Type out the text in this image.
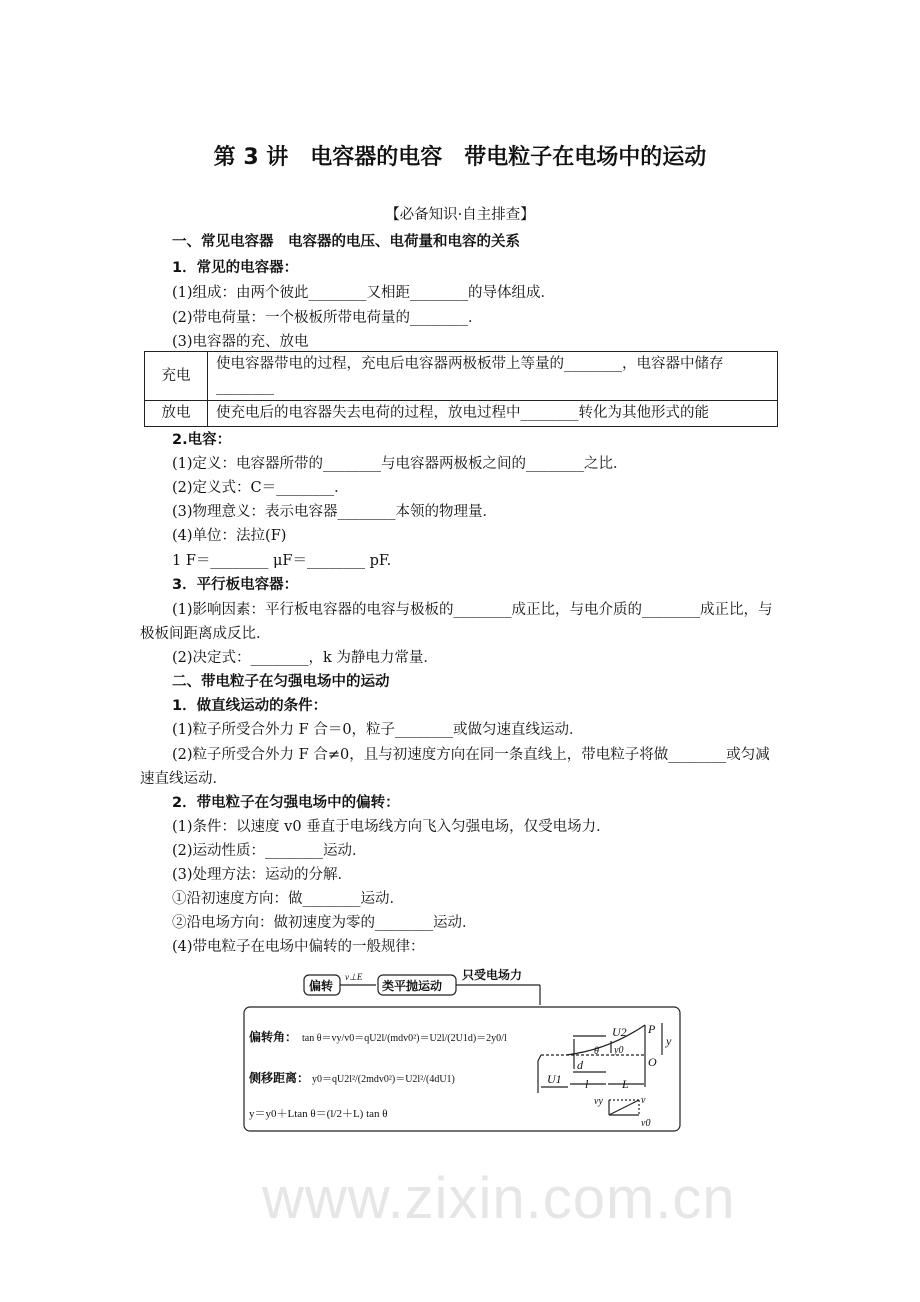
www.zixin.com.cn
第 3 讲　电容器的电容　带电粒子在电场中的运动
【必备知识·自主排查】
一、常见电容器　电容器的电压、电荷量和电容的关系
1．常见的电容器：
(1)组成：由两个彼此________又相距________的导体组成．
(2)带电荷量：一个极板所带电荷量的________．
(3)电容器的充、放电
充电	使电容器带电的过程，充电后电容器两极板带上等量的________，电容器中储存________
放电	使充电后的电容器失去电荷的过程，放电过程中________转化为其他形式的能
2.电容：
(1)定义：电容器所带的________与电容器两极板之间的________之比．
(2)定义式：C＝________．
(3)物理意义：表示电容器________本领的物理量．
(4)单位：法拉(F)
1 F＝________ μF＝________ pF.
3．平行板电容器：
(1)影响因素：平行板电容器的电容与极板的________成正比，与电介质的________成正比，与极板间距离成反比．
(2)决定式：________，k 为静电力常量．
二、带电粒子在匀强电场中的运动
1．做直线运动的条件：
(1)粒子所受合外力 F 合＝0，粒子________或做匀速直线运动．
(2)粒子所受合外力 F 合≠0，且与初速度方向在同一条直线上，带电粒子将做________或匀减速直线运动．
2．带电粒子在匀强电场中的偏转：
(1)条件：以速度 v0 垂直于电场线方向飞入匀强电场，仅受电场力．
(2)运动性质：________运动．
(3)处理方法：运动的分解．
①沿初速度方向：做________运动．
②沿电场方向：做初速度为零的________运动．
(4)带电粒子在电场中偏转的一般规律：
偏转
v⊥E
类平抛运动
只受电场力
偏转角： tan θ＝vy/v0＝qU2l/(mdv0²)＝U2l/(2U1d)＝2y0/l
侧移距离： y0＝qU2l²/(2mdv0²)＝U2l²/(4dU1)
y＝y0＋Ltan θ＝(l/2＋L) tan θ
U2 P
O
y
y0
θ
d
U1 l	L
vy	v
v0
